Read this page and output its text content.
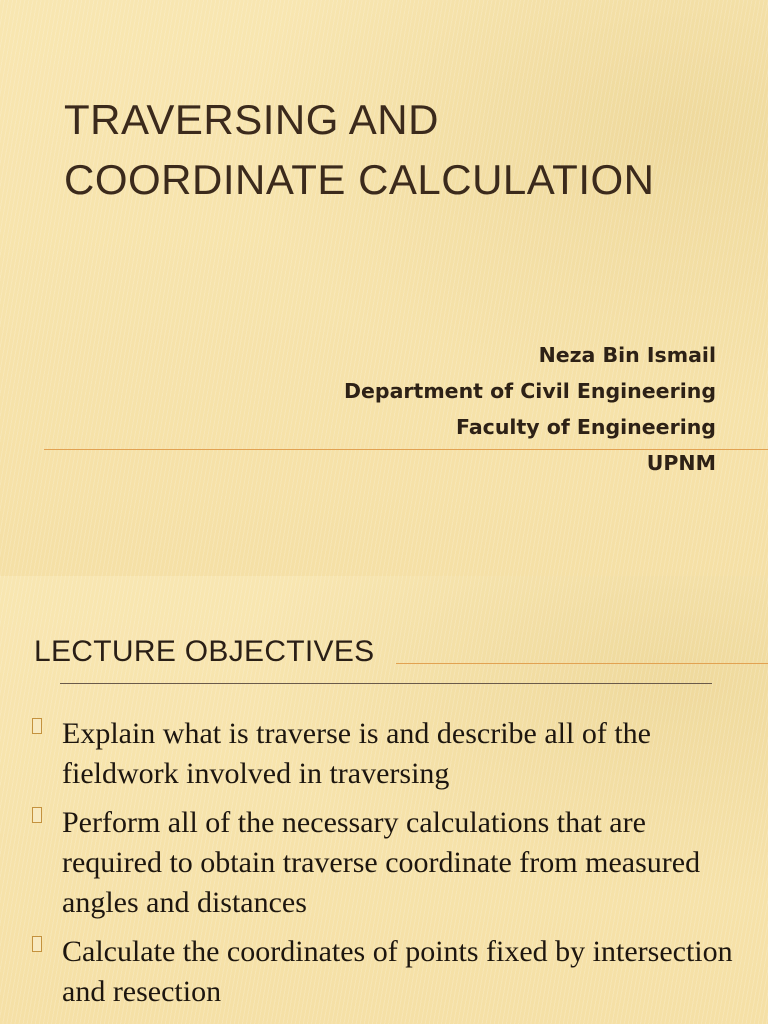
TRAVERSING AND
COORDINATE CALCULATION
Neza Bin Ismail
Department of Civil Engineering
Faculty of Engineering
UPNM
LECTURE OBJECTIVES
Explain what is traverse is and describe all of the fieldwork involved in traversing
Perform all of the necessary calculations that are required to obtain traverse coordinate from measured angles and distances
Calculate the coordinates of points fixed by intersection and resection
